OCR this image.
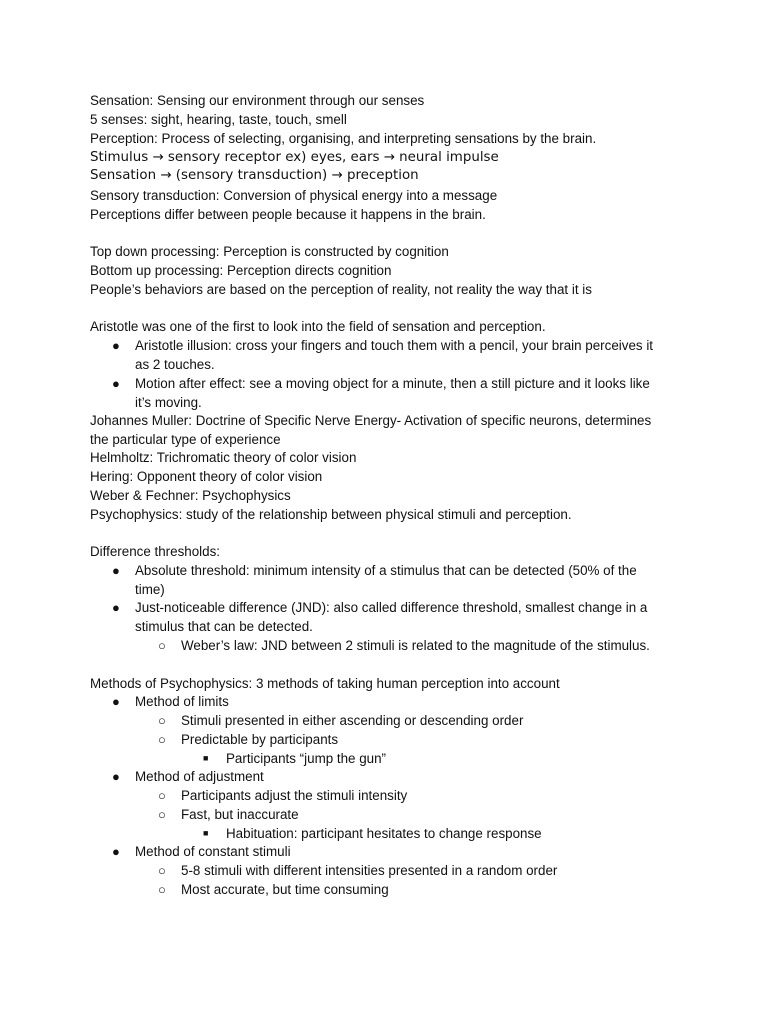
Sensation: Sensing our environment through our senses
5 senses: sight, hearing, taste, touch, smell
Perception: Process of selecting, organising, and interpreting sensations by the brain.
Stimulus → sensory receptor ex) eyes, ears → neural impulse
Sensation → (sensory transduction) → preception
Sensory transduction: Conversion of physical energy into a message
Perceptions differ between people because it happens in the brain.
Top down processing: Perception is constructed by cognition
Bottom up processing: Perception directs cognition
People’s behaviors are based on the perception of reality, not reality the way that it is
Aristotle was one of the first to look into the field of sensation and perception.
● Aristotle illusion: cross your fingers and touch them with a pencil, your brain perceives it
as 2 touches.
● Motion after effect: see a moving object for a minute, then a still picture and it looks like
it’s moving.
Johannes Muller: Doctrine of Specific Nerve Energy- Activation of specific neurons, determines
the particular type of experience
Helmholtz: Trichromatic theory of color vision
Hering: Opponent theory of color vision
Weber & Fechner: Psychophysics
Psychophysics: study of the relationship between physical stimuli and perception.
Difference thresholds:
● Absolute threshold: minimum intensity of a stimulus that can be detected (50% of the
time)
● Just-noticeable difference (JND): also called difference threshold, smallest change in a
stimulus that can be detected.
○ Weber’s law: JND between 2 stimuli is related to the magnitude of the stimulus.
Methods of Psychophysics: 3 methods of taking human perception into account
● Method of limits
○ Stimuli presented in either ascending or descending order
○ Predictable by participants
■ Participants “jump the gun”
● Method of adjustment
○ Participants adjust the stimuli intensity
○ Fast, but inaccurate
■ Habituation: participant hesitates to change response
● Method of constant stimuli
○ 5-8 stimuli with different intensities presented in a random order
○ Most accurate, but time consuming
